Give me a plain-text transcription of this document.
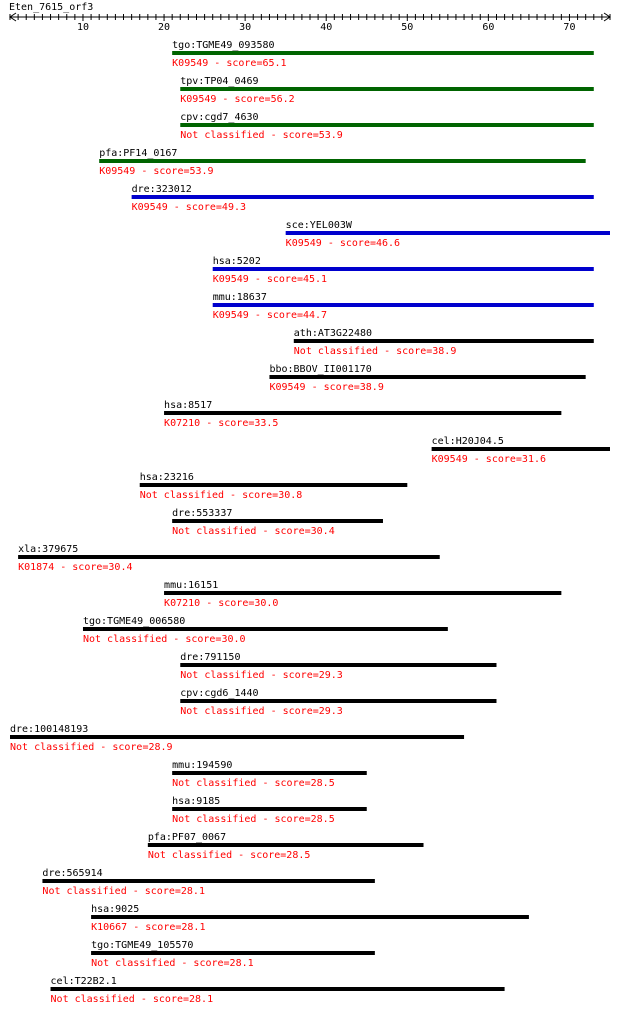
Eten_7615_orf3
10	20	30	40	50	60	70
tgo:TGME49_093580
K09549 - score=65.1
tpv:TP04_0469
K09549 - score=56.2
cpv:cgd7_4630
Not classified - score=53.9
pfa:PF14_0167
K09549 - score=53.9
dre:323012
K09549 - score=49.3
sce:YEL003W
K09549 - score=46.6
hsa:5202
K09549 - score=45.1
mmu:18637
K09549 - score=44.7
ath:AT3G22480
Not classified - score=38.9
bbo:BBOV_II001170
K09549 - score=38.9
hsa:8517
K07210 - score=33.5
cel:H20J04.5
K09549 - score=31.6
hsa:23216
Not classified - score=30.8
dre:553337
Not classified - score=30.4
xla:379675
K01874 - score=30.4
mmu:16151
K07210 - score=30.0
tgo:TGME49_006580
Not classified - score=30.0
dre:791150
Not classified - score=29.3
cpv:cgd6_1440
Not classified - score=29.3
dre:100148193
Not classified - score=28.9
mmu:194590
Not classified - score=28.5
hsa:9185
Not classified - score=28.5
pfa:PF07_0067
Not classified - score=28.5
dre:565914
Not classified - score=28.1
hsa:9025
K10667 - score=28.1
tgo:TGME49_105570
Not classified - score=28.1
cel:T22B2.1
Not classified - score=28.1
